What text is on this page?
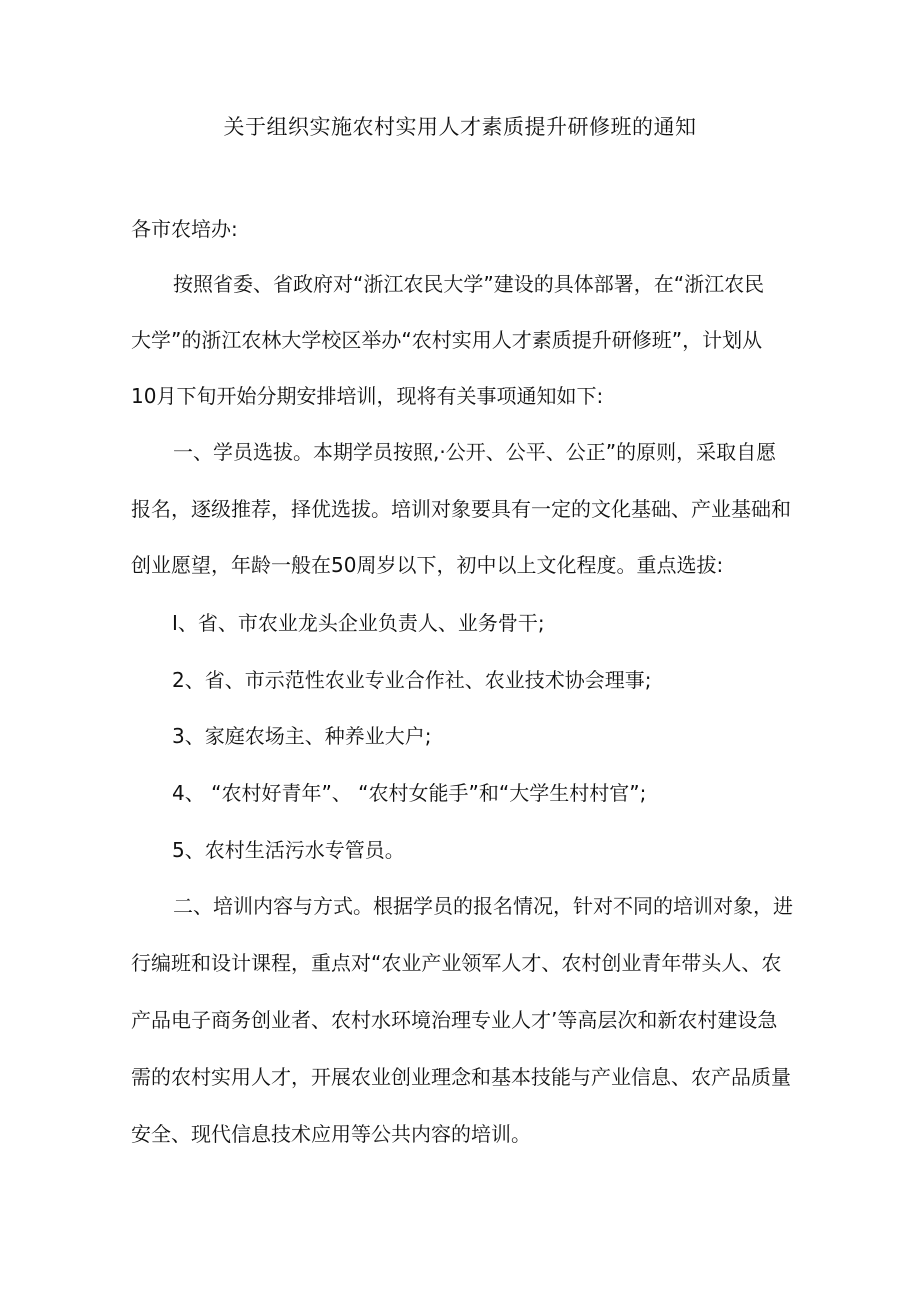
关于组织实施农村实用人才素质提升研修班的通知
各市农培办:
按照省委、省政府对“浙江农民大学”建设的具体部署，在“浙江农民
大学”的浙江农林大学校区举办“农村实用人才素质提升研修班”，计划从
10月下旬开始分期安排培训，现将有关事项通知如下:
一、学员选拔。本期学员按照,·公开、公平、公正”的原则，采取自愿
报名，逐级推荐，择优选拔。培训对象要具有一定的文化基础、产业基础和
创业愿望，年龄一般在50周岁以下，初中以上文化程度。重点选拔:
I、省、市农业龙头企业负责人、业务骨干;
2、省、市示范性农业专业合作社、农业技术协会理事;
3、家庭农场主、种养业大户;
4、 “农村好青年”、 “农村女能手”和“大学生村村官”;
5、农村生活污水专管员。
二、培训内容与方式。根据学员的报名情况，针对不同的培训对象，进
行编班和设计课程，重点对“农业产业领军人才、农村创业青年带头人、农
产品电子商务创业者、农村水环境治理专业人才’等高层次和新农村建设急
需的农村实用人才，开展农业创业理念和基本技能与产业信息、农产品质量
安全、现代信息技术应用等公共内容的培训。
